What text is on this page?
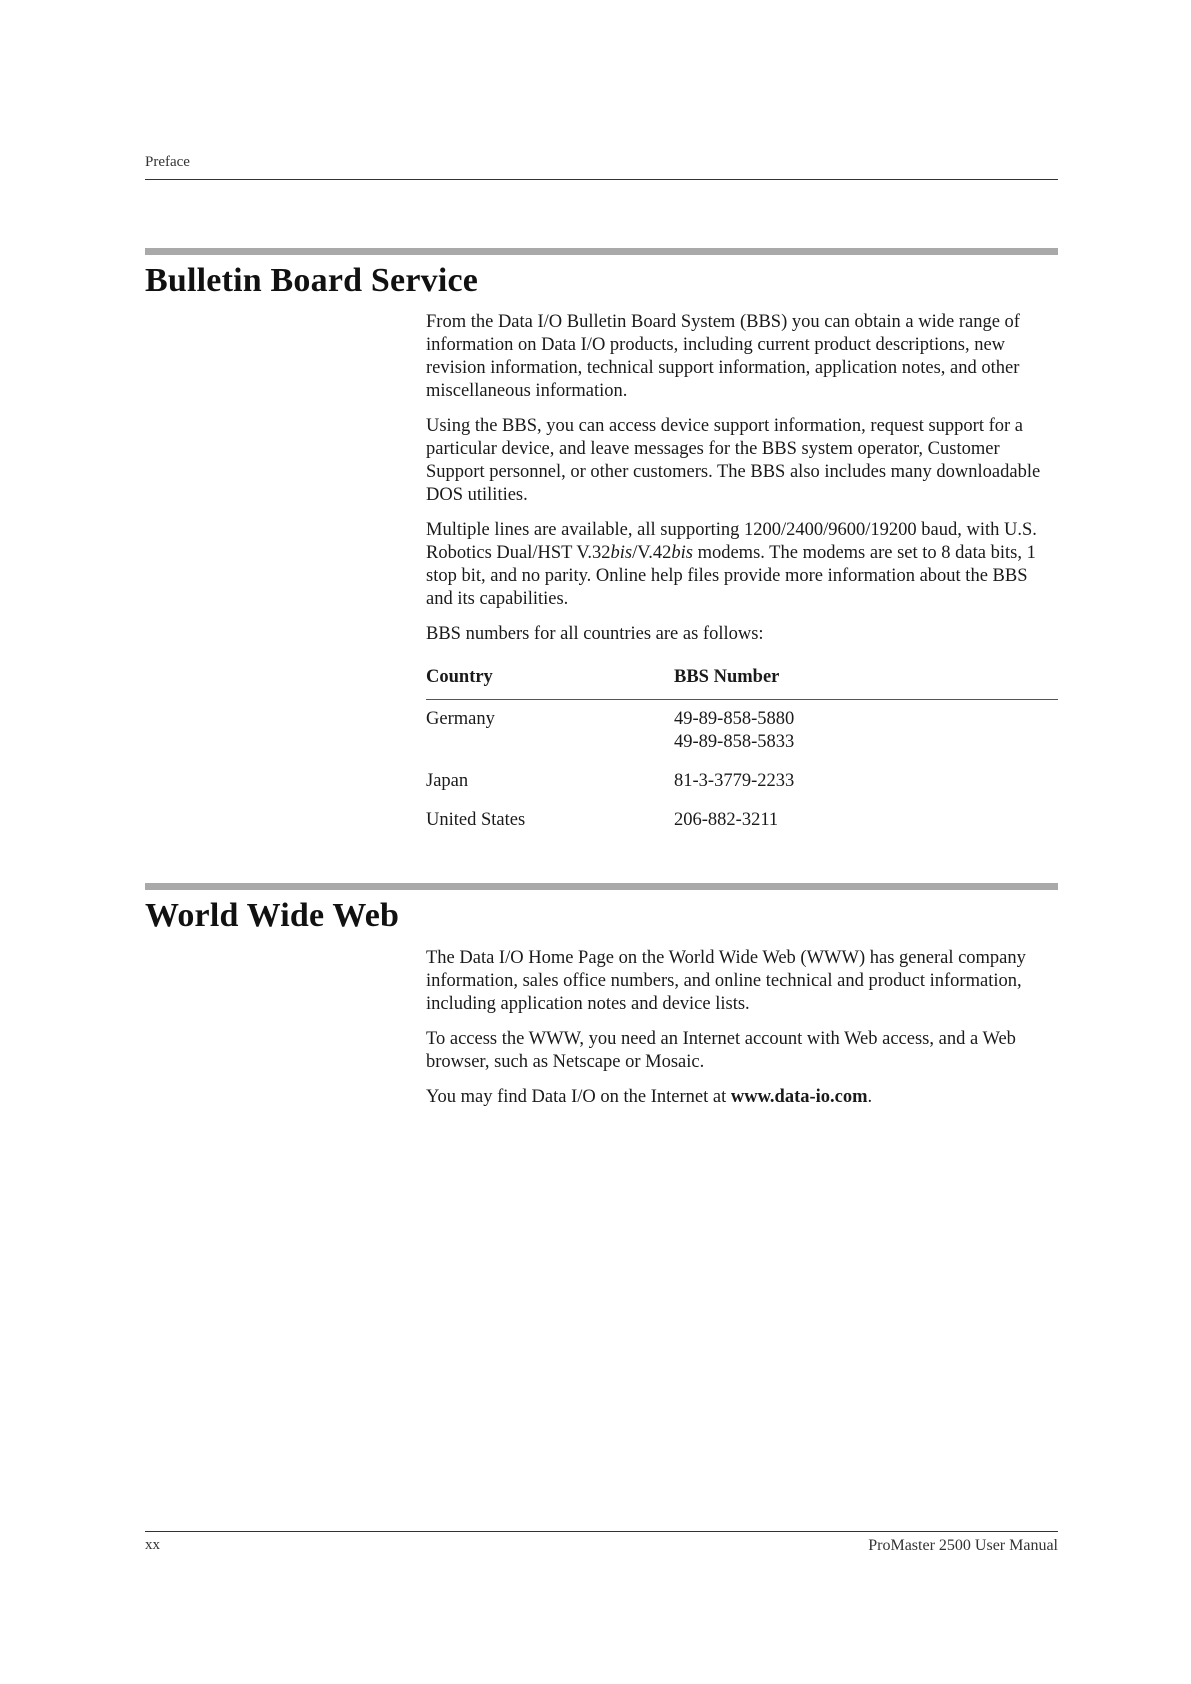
Preface
Bulletin Board Service

From the Data I/O Bulletin Board System (BBS) you can obtain a wide range of information on Data I/O products, including current product descriptions, new revision information, technical support information, application notes, and other miscellaneous information.

Using the BBS, you can access device support information, request support for a particular device, and leave messages for the BBS system operator, Customer Support personnel, or other customers. The BBS also includes many downloadable DOS utilities.

Multiple lines are available, all supporting 1200/2400/9600/19200 baud, with U.S. Robotics Dual/HST V.32bis/V.42bis modems. The modems are set to 8 data bits, 1 stop bit, and no parity. Online help files provide more information about the BBS and its capabilities.

BBS numbers for all countries are as follows:

Country	BBS Number
Germany	49-89-858-5880
49-89-858-5833

Japan	81-3-3779-2233

United States	206-882-3211
World Wide Web

The Data I/O Home Page on the World Wide Web (WWW) has general company information, sales office numbers, and online technical and product information, including application notes and device lists.

To access the WWW, you need an Internet account with Web access, and a Web browser, such as Netscape or Mosaic.

You may find Data I/O on the Internet at www.data-io.com.

xx	ProMaster 2500 User Manual
